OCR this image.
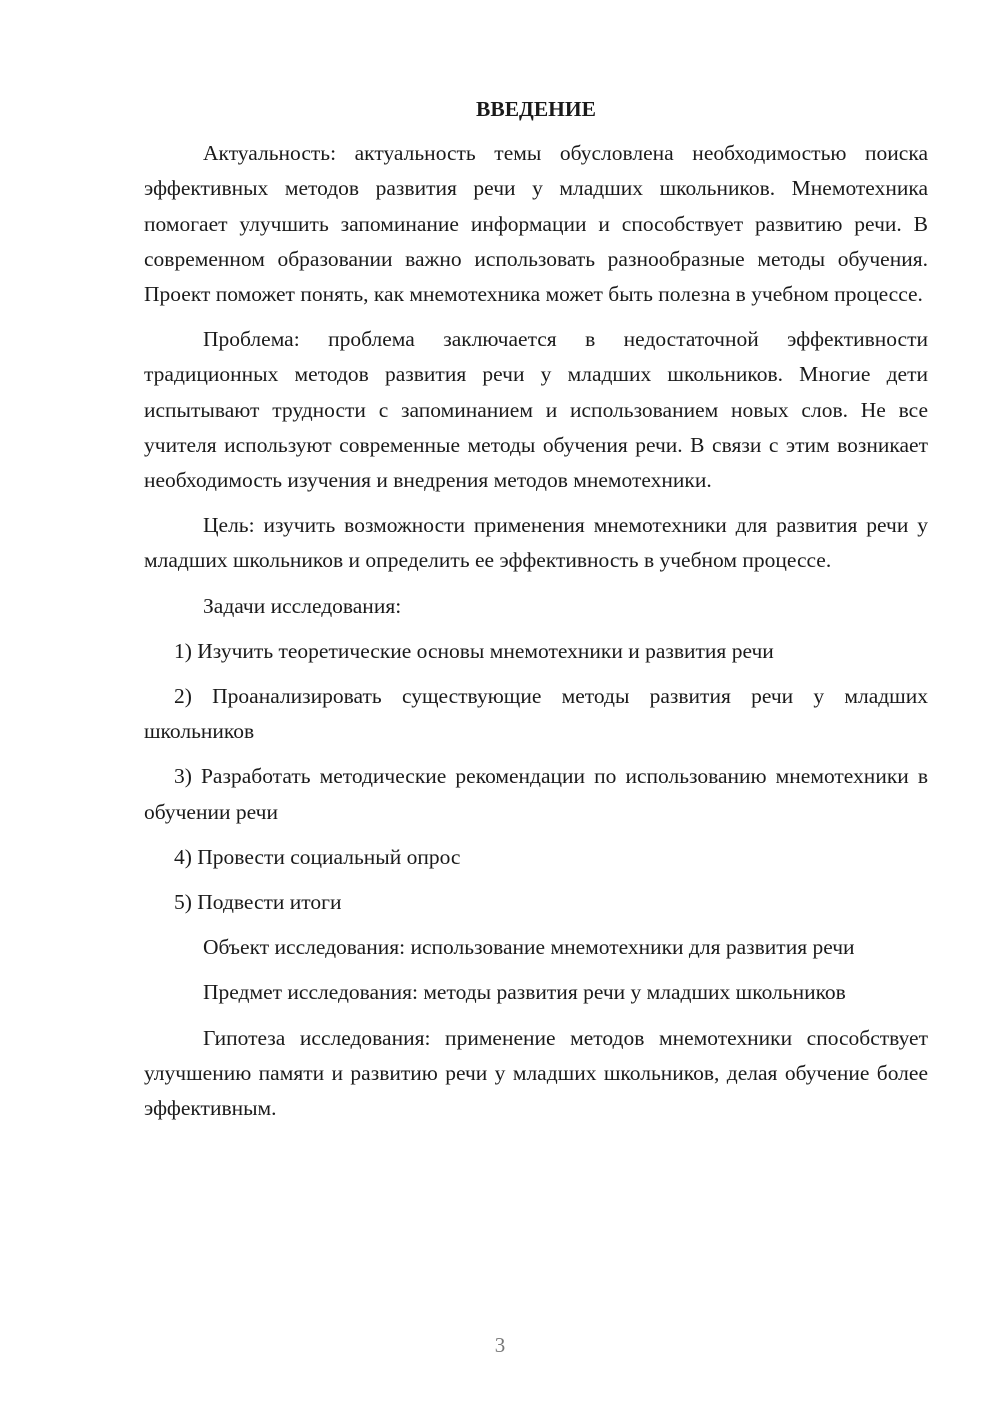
ВВЕДЕНИЕ

Актуальность: актуальность темы обусловлена необходимостью поиска эффективных методов развития речи у младших школьников. Мнемотехника помогает улучшить запоминание информации и способствует развитию речи. В современном образовании важно использовать разнообразные методы обучения. Проект поможет понять, как мнемотехника может быть полезна в учебном процессе.

Проблема: проблема заключается в недостаточной эффективности традиционных методов развития речи у младших школьников. Многие дети испытывают трудности с запоминанием и использованием новых слов. Не все учителя используют современные методы обучения речи. В связи с этим возникает необходимость изучения и внедрения методов мнемотехники.

Цель: изучить возможности применения мнемотехники для развития речи у младших школьников и определить ее эффективность в учебном процессе.

Задачи исследования:

1) Изучить теоретические основы мнемотехники и развития речи

2) Проанализировать существующие методы развития речи у младших школьников

3) Разработать методические рекомендации по использованию мнемотехники в обучении речи

4) Провести социальный опрос

5) Подвести итоги

Объект исследования: использование мнемотехники для развития речи

Предмет исследования: методы развития речи у младших школьников

Гипотеза исследования: применение методов мнемотехники способствует улучшению памяти и развитию речи у младших школьников, делая обучение более эффективным.

3
